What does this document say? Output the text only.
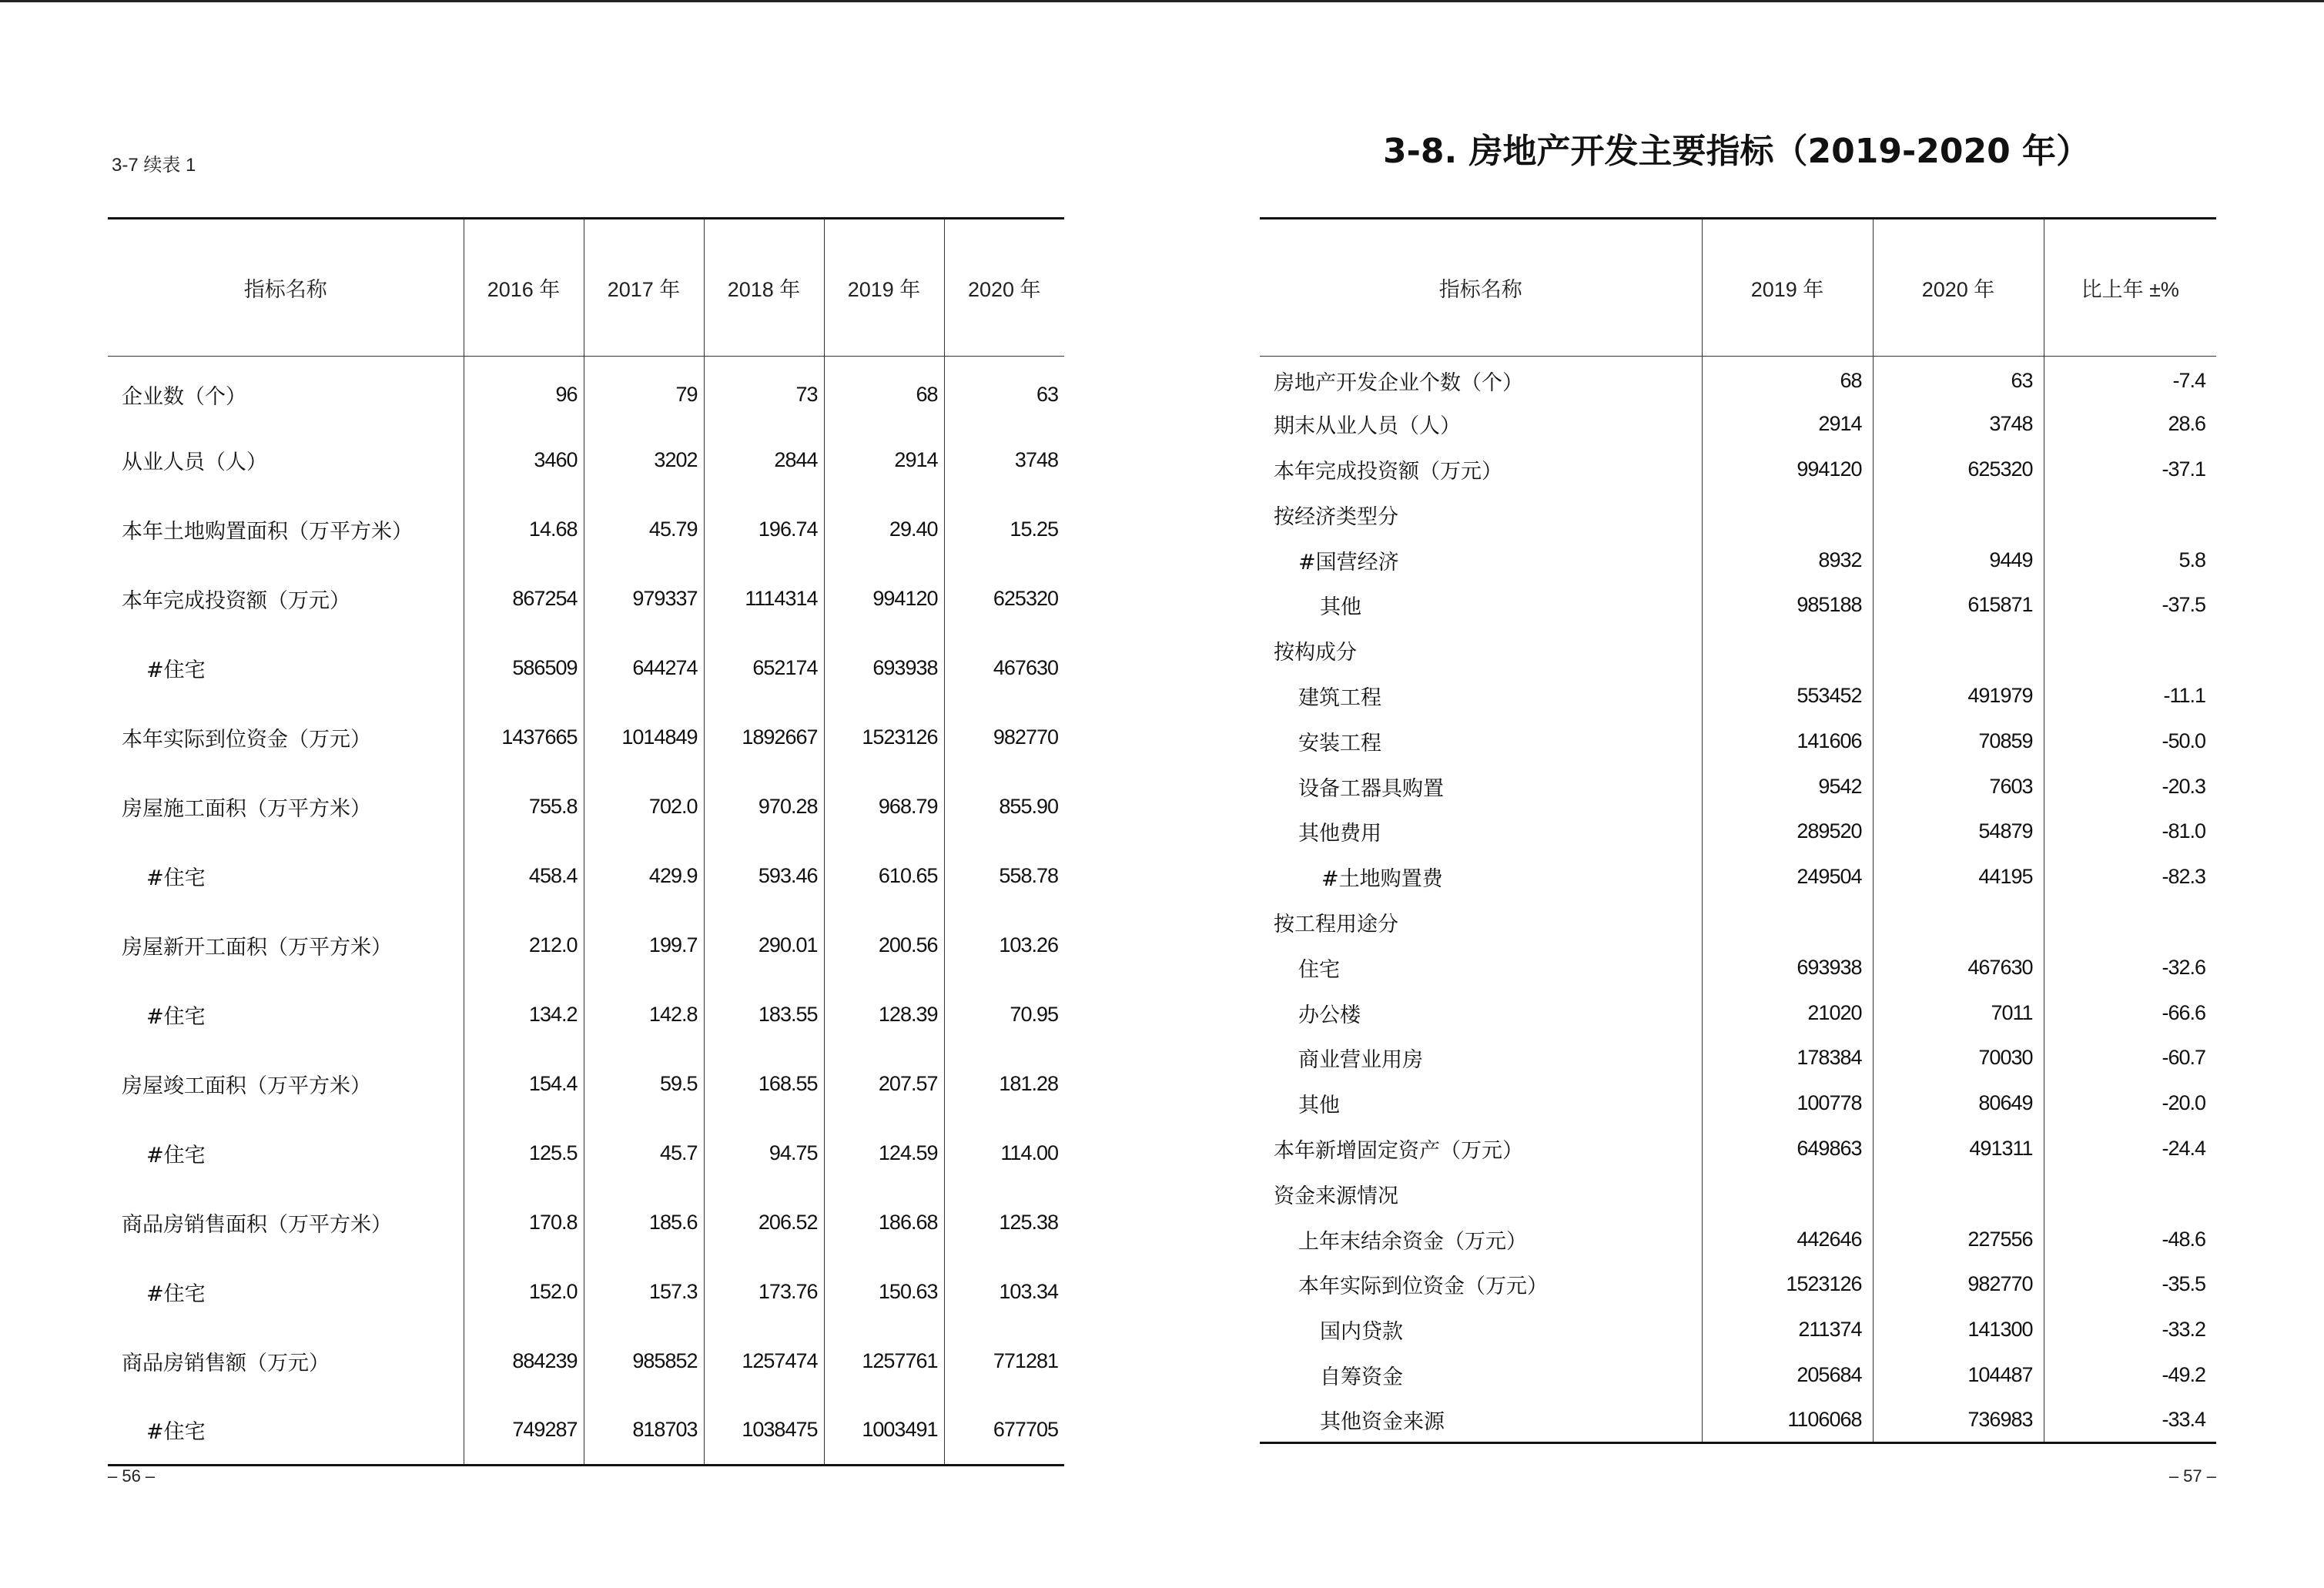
3-7 续表 1
指标名称	2016 年	2017 年	2018 年	2019 年	2020 年
企业数（个）	96	79	73	68	63
从业人员（人）	3460	3202	2844	2914	3748
本年土地购置面积（万平方米）	14.68	45.79	196.74	29.40	15.25
本年完成投资额（万元）	867254	979337	1114314	994120	625320
#住宅	586509	644274	652174	693938	467630
本年实际到位资金（万元）	1437665	1014849	1892667	1523126	982770
房屋施工面积（万平方米）	755.8	702.0	970.28	968.79	855.90
#住宅	458.4	429.9	593.46	610.65	558.78
房屋新开工面积（万平方米）	212.0	199.7	290.01	200.56	103.26
#住宅	134.2	142.8	183.55	128.39	70.95
房屋竣工面积（万平方米）	154.4	59.5	168.55	207.57	181.28
#住宅	125.5	45.7	94.75	124.59	114.00
商品房销售面积（万平方米）	170.8	185.6	206.52	186.68	125.38
#住宅	152.0	157.3	173.76	150.63	103.34
商品房销售额（万元）	884239	985852	1257474	1257761	771281
#住宅	749287	818703	1038475	1003491	677705
– 56 –
3-8. 房地产开发主要指标（2019-2020 年）
指标名称	2019 年	2020 年	比上年 ±%
房地产开发企业个数（个）	68	63	-7.4
期末从业人员（人）	2914	3748	28.6
本年完成投资额（万元）	994120	625320	-37.1
按经济类型分			
#国营经济	8932	9449	5.8
其他	985188	615871	-37.5
按构成分			
建筑工程	553452	491979	-11.1
安装工程	141606	70859	-50.0
设备工器具购置	9542	7603	-20.3
其他费用	289520	54879	-81.0
#土地购置费	249504	44195	-82.3
按工程用途分			
住宅	693938	467630	-32.6
办公楼	21020	7011	-66.6
商业营业用房	178384	70030	-60.7
其他	100778	80649	-20.0
本年新增固定资产（万元）	649863	491311	-24.4
资金来源情况			
上年末结余资金（万元）	442646	227556	-48.6
本年实际到位资金（万元）	1523126	982770	-35.5
国内贷款	211374	141300	-33.2
自筹资金	205684	104487	-49.2
其他资金来源	1106068	736983	-33.4
– 57 –
